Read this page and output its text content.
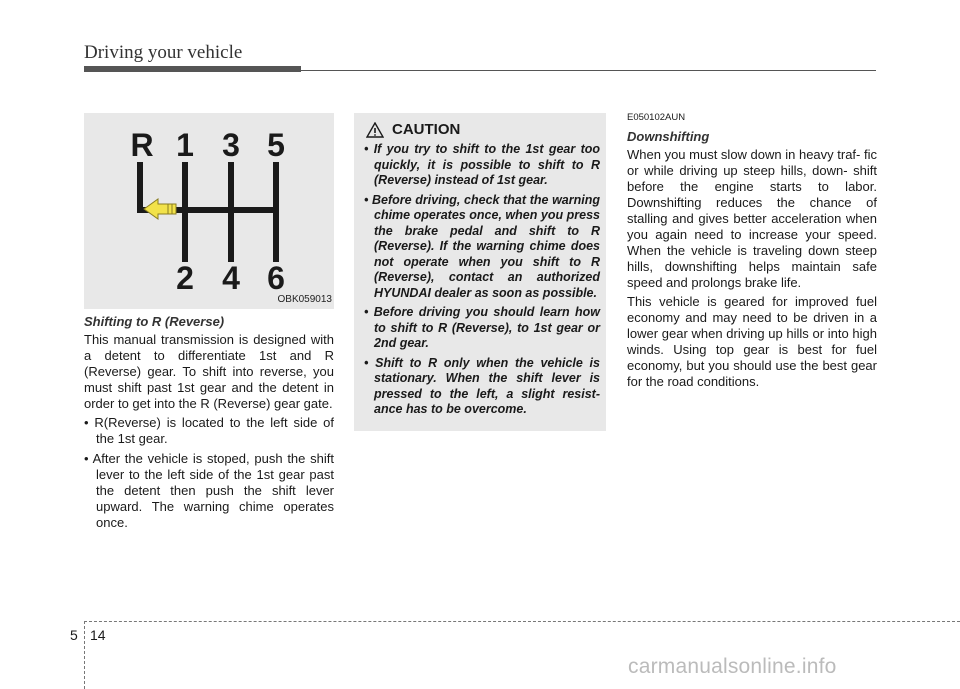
Driving your vehicle
R 1 3 5
2 4 6
OBK059013

Shifting to R (Reverse)

This manual transmission is designed with a detent to differentiate 1st and R (Reverse) gear. To shift into reverse, you must shift past 1st gear and the detent in order to get into the R (Reverse) gear gate.

• R(Reverse) is located to the left side of the 1st gear.
• After the vehicle is stoped, push the shift lever to the left side of the 1st gear past the detent then push the shift lever upward. The warning chime operates once.
CAUTION
• If you try to shift to the 1st gear too quickly, it is possible to shift to R (Reverse) instead of 1st gear.
• Before driving, check that the warning chime operates once, when you press the brake pedal and shift to R (Reverse). If the warning chime does not operate when you shift to R (Reverse), contact an authorized HYUNDAI dealer as soon as possible.
• Before driving you should learn how to shift to R (Reverse), to 1st gear or 2nd gear.
• Shift to R only when the vehicle is stationary. When the shift lever is pressed to the left, a slight resist- ance has to be overcome.

E050102AUN

Downshifting

When you must slow down in heavy traf- fic or while driving up steep hills, down- shift before the engine starts to labor. Downshifting reduces the chance of stalling and gives better acceleration when you again need to increase your speed. When the vehicle is traveling down steep hills, downshifting helps maintain safe speed and prolongs brake life.

This vehicle is geared for improved fuel economy and may need to be driven in a lower gear when driving up hills or into high winds. Using top gear is best for fuel economy, but you should use the best gear for the road conditions.

5 14
carmanualsonline.info
